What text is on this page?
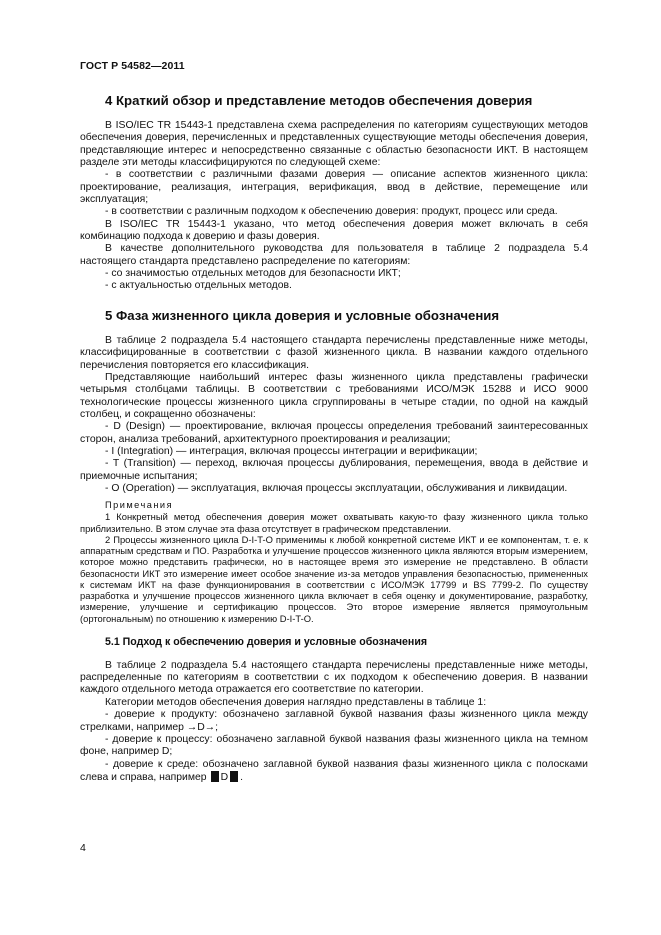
ГОСТ Р 54582—2011
4 Краткий обзор и представление методов обеспечения доверия

В ISO/IEC TR 15443-1 представлена схема распределения по категориям существующих методов обеспечения доверия, перечисленных и представленных существующие методы обеспечения доверия, представляющие интерес и непосредственно связанные с областью безопасности ИКТ. В настоящем разделе эти методы классифицируются по следующей схеме:

- в соответствии с различными фазами доверия — описание аспектов жизненного цикла: проектирование, реализация, интеграция, верификация, ввод в действие, перемещение или эксплуатация;

- в соответствии с различным подходом к обеспечению доверия: продукт, процесс или среда.

В ISO/IEC TR 15443-1 указано, что метод обеспечения доверия может включать в себя комбинацию подхода к доверию и фазы доверия.

В качестве дополнительного руководства для пользователя в таблице 2 подраздела 5.4 настоящего стандарта представлено распределение по категориям:

- со значимостью отдельных методов для безопасности ИКТ;

- с актуальностью отдельных методов.

5 Фаза жизненного цикла доверия и условные обозначения

В таблице 2 подраздела 5.4 настоящего стандарта перечислены представленные ниже методы, классифицированные в соответствии с фазой жизненного цикла. В названии каждого отдельного перечисления повторяется его классификация.

Представляющие наибольший интерес фазы жизненного цикла представлены графически четырьмя столбцами таблицы. В соответствии с требованиями ИСО/МЭК 15288 и ИСО 9000 технологические процессы жизненного цикла сгруппированы в четыре стадии, по одной на каждый столбец, и сокращенно обозначены:

- D (Design) — проектирование, включая процессы определения требований заинтересованных сторон, анализа требований, архитектурного проектирования и реализации;

- I (Integration) — интеграция, включая процессы интеграции и верификации;

- T (Transition) — переход, включая процессы дублирования, перемещения, ввода в действие и приемочные испытания;

- O (Operation) — эксплуатация, включая процессы эксплуатации, обслуживания и ликвидации.

Примечания

1 Конкретный метод обеспечения доверия может охватывать какую-то фазу жизненного цикла только приблизительно. В этом случае эта фаза отсутствует в графическом представлении.

2 Процессы жизненного цикла D-I-T-O применимы к любой конкретной системе ИКТ и ее компонентам, т. е. к аппаратным средствам и ПО. Разработка и улучшение процессов жизненного цикла являются вторым измерением, которое можно представить графически, но в настоящее время это измерение не представлено. В области безопасности ИКТ это измерение имеет особое значение из-за методов управления безопасностью, примененных к системам ИКТ на фазе функционирования в соответствии с ИСО/МЭК 17799 и BS 7799-2. По существу разработка и улучшение процессов жизненного цикла включает в себя оценку и документирование, разработку, измерение, улучшение и сертификацию процессов. Это второе измерение является прямоугольным (ортогональным) по отношению к измерению D-I-T-O.

5.1 Подход к обеспечению доверия и условные обозначения

В таблице 2 подраздела 5.4 настоящего стандарта перечислены представленные ниже методы, распределенные по категориям в соответствии с их подходом к обеспечению доверия. В названии каждого отдельного метода отражается его соответствие по категории.

Категории методов обеспечения доверия наглядно представлены в таблице 1:

- доверие к продукту: обозначено заглавной буквой названия фазы жизненного цикла между стрелками, например →D→;

- доверие к процессу: обозначено заглавной буквой названия фазы жизненного цикла на темном фоне, например D;

- доверие к среде: обозначено заглавной буквой названия фазы жизненного цикла с полосками слева и справа, например D .

4
